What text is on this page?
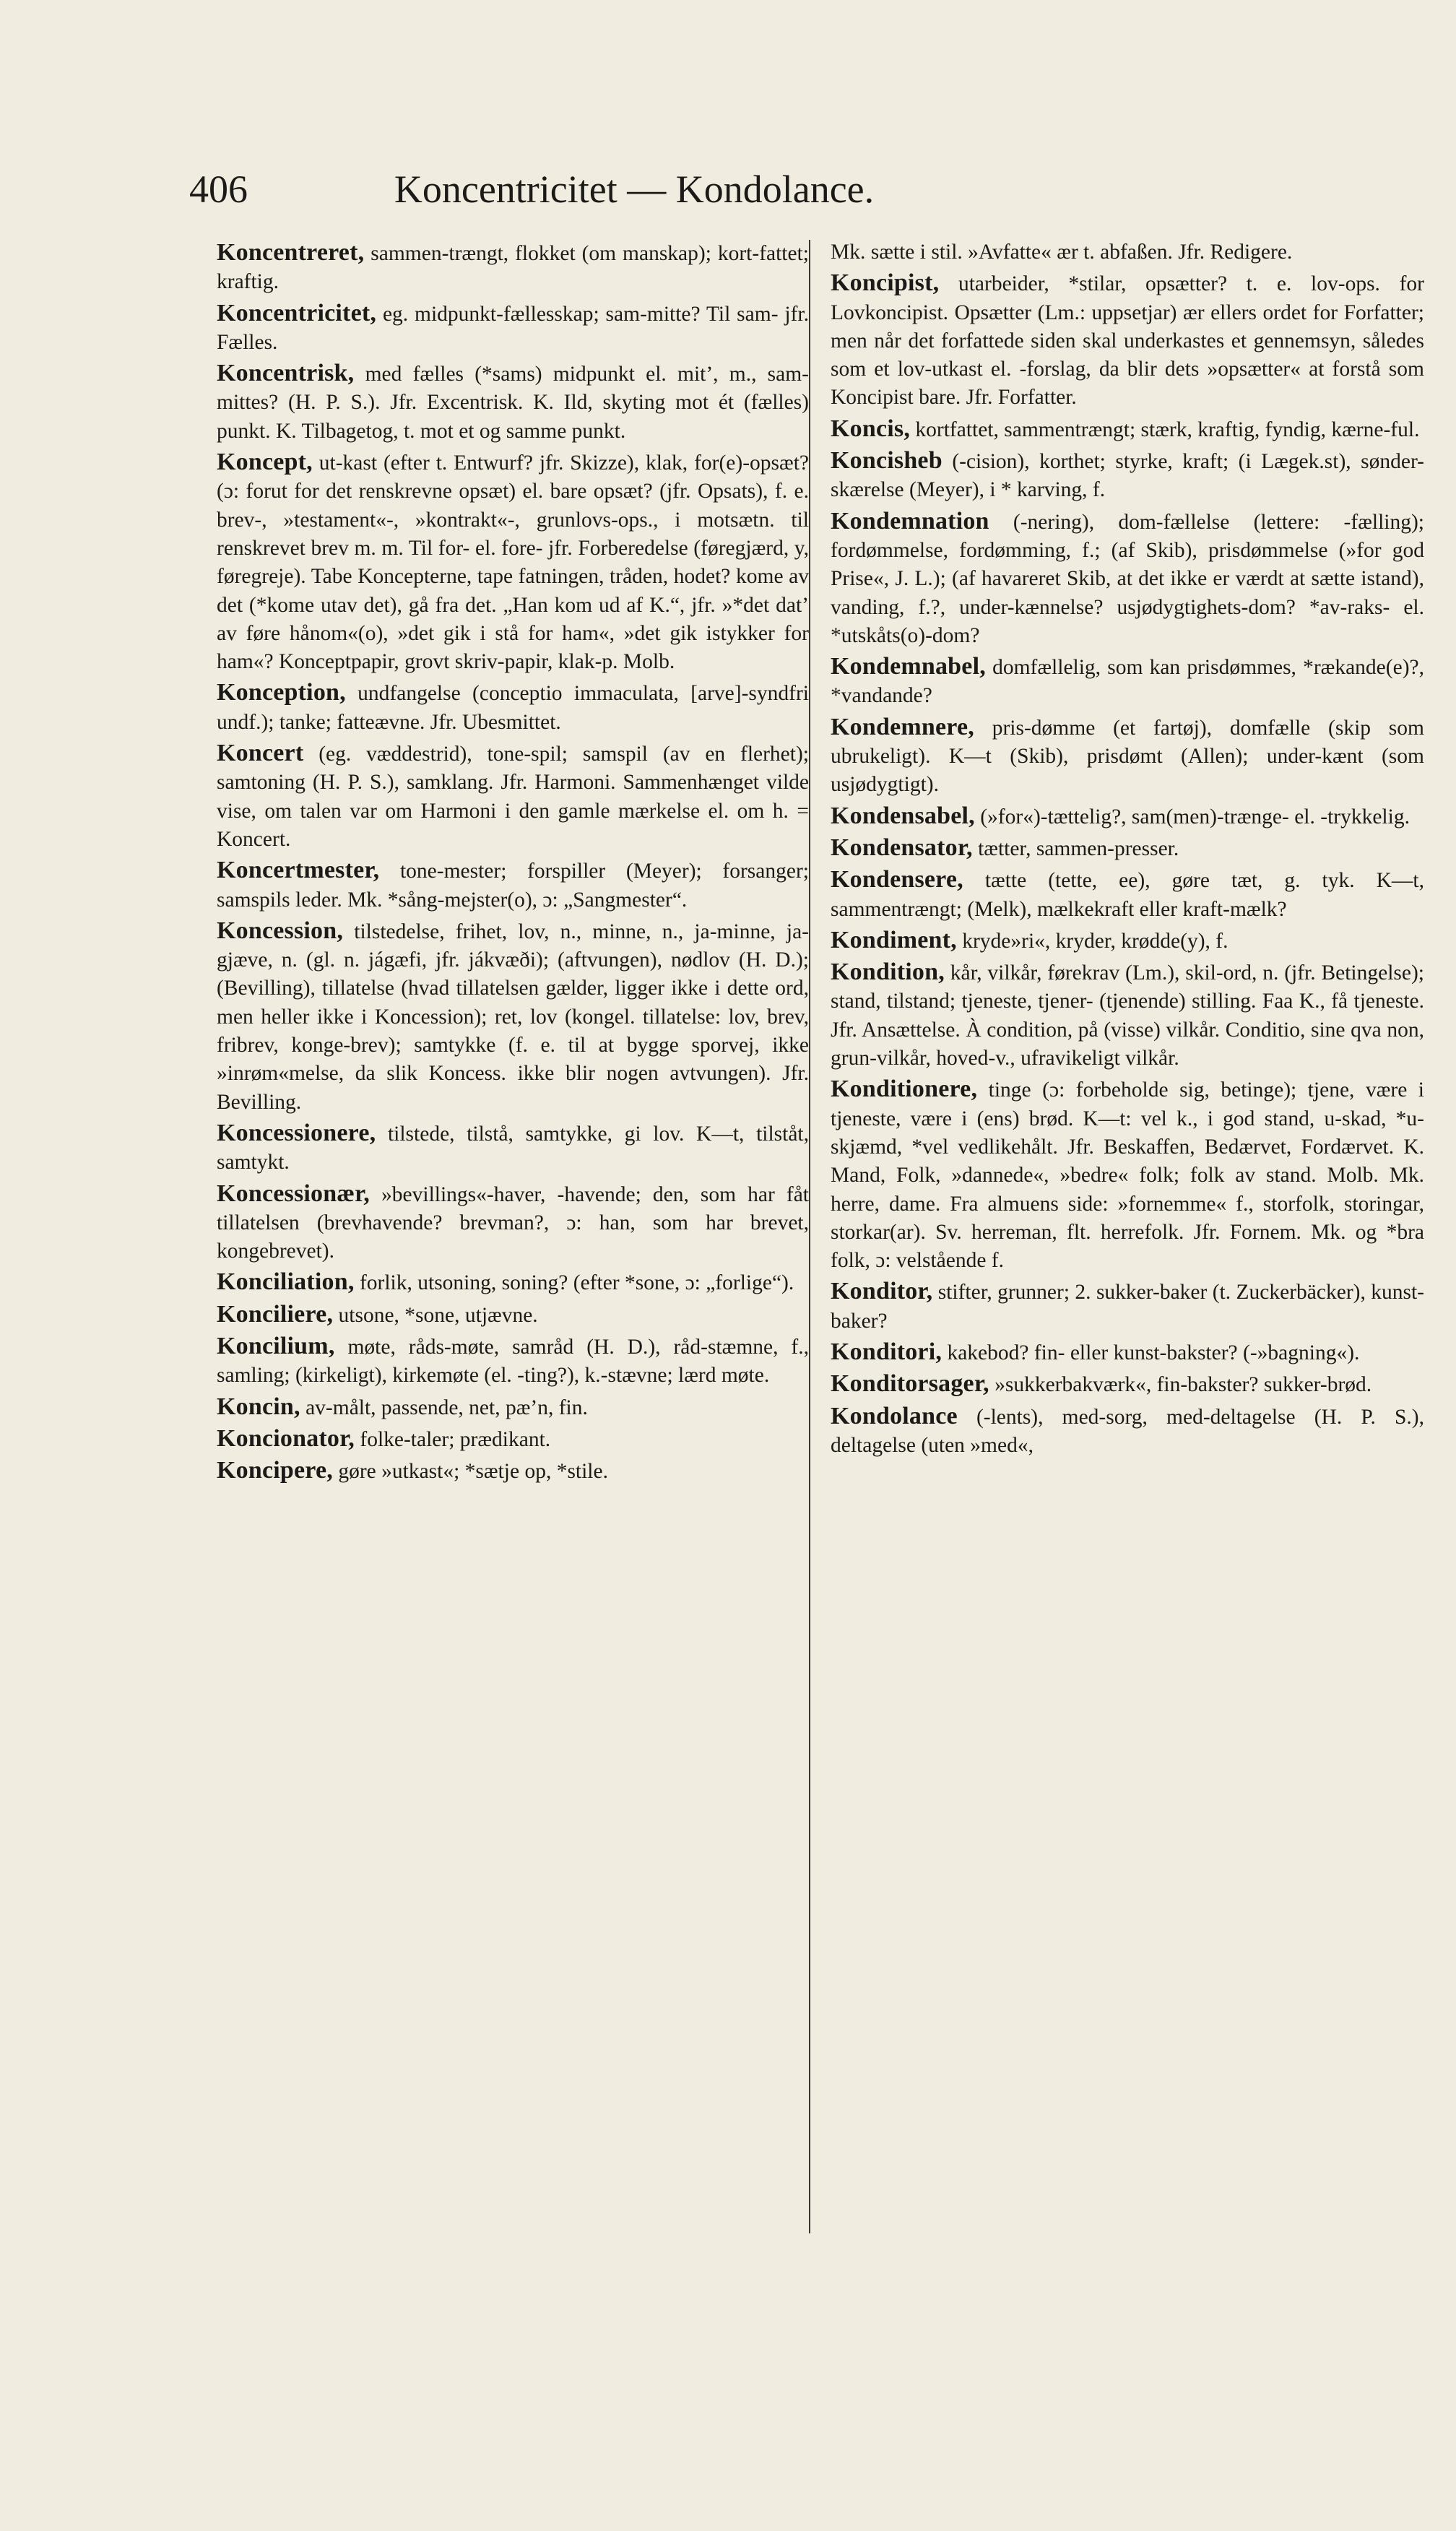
406	Koncentricitet — Kondolance.
Koncentreret, sammen-trængt, flokket (om manskap); kort-fattet; kraftig.
Koncentricitet, eg. midpunkt-fællesskap; sam-mitte? Til sam- jfr. Fælles.
Koncentrisk, med fælles (*sams) midpunkt el. mit’, m., sam-mittes? (H. P. S.). Jfr. Excentrisk. K. Ild, skyting mot ét (fælles) punkt. K. Tilbagetog, t. mot et og samme punkt.
Koncept, ut-kast (efter t. Entwurf? jfr. Skizze), klak, for(e)-opsæt? (ɔ: forut for det renskrevne opsæt) el. bare opsæt? (jfr. Opsats), f. e. brev-, »testament«-, »kontrakt«-, grunlovs-ops., i motsætn. til renskrevet brev m. m. Til for- el. fore- jfr. Forberedelse (føregjærd, y, føregreje). Tabe Koncepterne, tape fatningen, tråden, hodet? kome av det (*kome utav det), gå fra det. „Han kom ud af K.“, jfr. »*det dat’ av føre hånom«(o), »det gik i stå for ham«, »det gik istykker for ham«? Konceptpapir, grovt skriv-papir, klak-p. Molb.
Konception, undfangelse (conceptio immaculata, [arve]-syndfri undf.); tanke; fatteævne. Jfr. Ubesmittet.
Koncert (eg. væddestrid), tone-spil; samspil (av en flerhet); samtoning (H. P. S.), samklang. Jfr. Harmoni. Sammenhænget vilde vise, om talen var om Harmoni i den gamle mærkelse el. om h. = Koncert.
Koncertmester, tone-mester; forspiller (Meyer); forsanger; samspils leder. Mk. *sång-mejster(o), ɔ: „Sangmester“.
Koncession, tilstedelse, frihet, lov, n., minne, n., ja-minne, ja-gjæve, n. (gl. n. jágæfi, jfr. jákvæði); (aftvungen), nødlov (H. D.); (Bevilling), tillatelse (hvad tillatelsen gælder, ligger ikke i dette ord, men heller ikke i Koncession); ret, lov (kongel. tillatelse: lov, brev, fribrev, konge-brev); samtykke (f. e. til at bygge sporvej, ikke »inrøm«melse, da slik Koncess. ikke blir nogen avtvungen). Jfr. Bevilling.
Koncessionere, tilstede, tilstå, samtykke, gi lov. K—t, tilståt, samtykt.
Koncessionær, »bevillings«-haver, -havende; den, som har fåt tillatelsen (brevhavende? brevman?, ɔ: han, som har brevet, kongebrevet).
Konciliation, forlik, utsoning, soning? (efter *sone, ɔ: „forlige“).
Konciliere, utsone, *sone, utjævne.
Koncilium, møte, råds-møte, samråd (H. D.), råd-stæmne, f., samling; (kirkeligt), kirkemøte (el. -ting?), k.-stævne; lærd møte.
Koncin, av-målt, passende, net, pæ’n, fin.
Koncionator, folke-taler; prædikant.
Koncipere, gøre »utkast«; *sætje op, *stile.
Mk. sætte i stil. »Avfatte« ær t. abfaßen. Jfr. Redigere.
Koncipist, utarbeider, *stilar, opsætter? t. e. lov-ops. for Lovkoncipist. Opsætter (Lm.: uppsetjar) ær ellers ordet for Forfatter; men når det forfattede siden skal underkastes et gennemsyn, således som et lov-utkast el. -forslag, da blir dets »opsætter« at forstå som Koncipist bare. Jfr. Forfatter.
Koncis, kortfattet, sammentrængt; stærk, kraftig, fyndig, kærne-ful.
Koncisheb (-cision), korthet; styrke, kraft; (i Lægek.st), sønder-skærelse (Meyer), i * karving, f.
Kondemnation (-nering), dom-fællelse (lettere: -fælling); fordømmelse, fordømming, f.; (af Skib), prisdømmelse (»for god Prise«, J. L.); (af havareret Skib, at det ikke er værdt at sætte istand), vanding, f.?, under-kænnelse? usjødygtighets-dom? *av-raks- el. *utskåts(o)-dom?
Kondemnabel, domfællelig, som kan prisdømmes, *rækande(e)?, *vandande?
Kondemnere, pris-dømme (et fartøj), domfælle (skip som ubrukeligt). K—t (Skib), prisdømt (Allen); under-kænt (som usjødygtigt).
Kondensabel, (»for«)-tættelig?, sam(men)-trænge- el. -trykkelig.
Kondensator, tætter, sammen-presser.
Kondensere, tætte (tette, ee), gøre tæt, g. tyk. K—t, sammentrængt; (Melk), mælkekraft eller kraft-mælk?
Kondiment, kryde»ri«, kryder, krødde(y), f.
Kondition, kår, vilkår, førekrav (Lm.), skil-ord, n. (jfr. Betingelse); stand, tilstand; tjeneste, tjener- (tjenende) stilling. Faa K., få tjeneste. Jfr. Ansættelse. À condition, på (visse) vilkår. Conditio, sine qva non, grun-vilkår, hoved-v., ufravikeligt vilkår.
Konditionere, tinge (ɔ: forbeholde sig, betinge); tjene, være i tjeneste, være i (ens) brød. K—t: vel k., i god stand, u-skad, *u-skjæmd, *vel vedlikehålt. Jfr. Beskaffen, Bedærvet, Fordærvet. K. Mand, Folk, »dannede«, »bedre« folk; folk av stand. Molb. Mk. herre, dame. Fra almuens side: »fornemme« f., storfolk, storingar, storkar(ar). Sv. herreman, flt. herrefolk. Jfr. Fornem. Mk. og *bra folk, ɔ: velstående f.
Konditor, stifter, grunner; 2. sukker-baker (t. Zuckerbäcker), kunst-baker?
Konditori, kakebod? fin- eller kunst-bakster? (-»bagning«).
Konditorsager, »sukkerbakværk«, fin-bakster? sukker-brød.
Kondolance (-lents), med-sorg, med-deltagelse (H. P. S.), deltagelse (uten »med«,
